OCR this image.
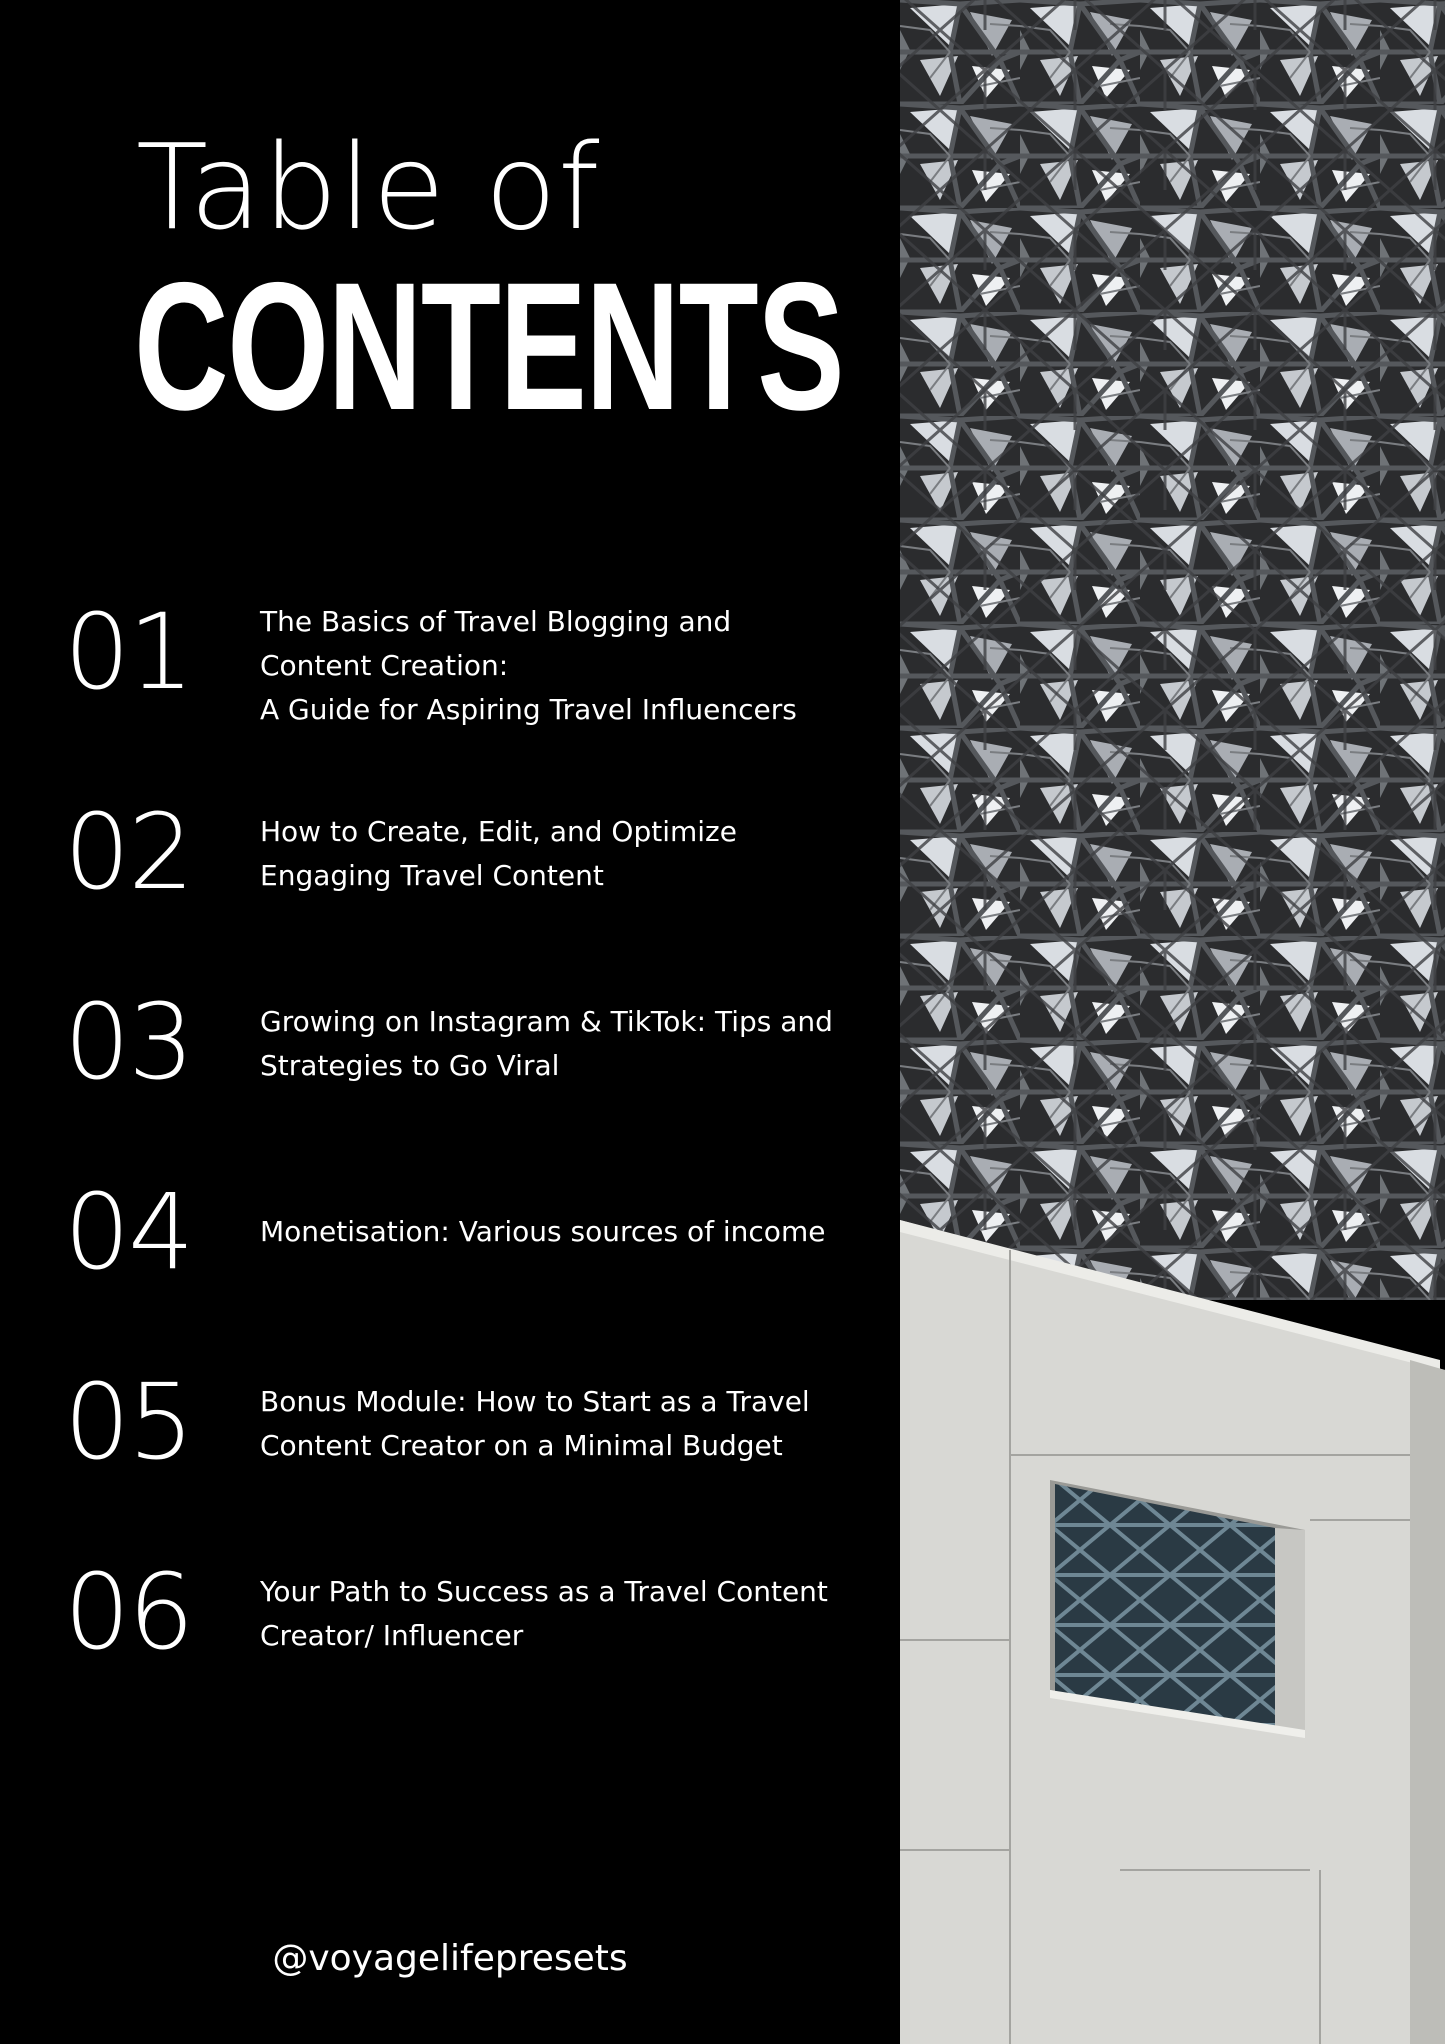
Table of
CONTENTS
01 The Basics of Travel Blogging and
Content Creation:
A Guide for Aspiring Travel Influencers
02 How to Create, Edit, and Optimize
Engaging Travel Content
03 Growing on Instagram & TikTok: Tips and
Strategies to Go Viral
04 Monetisation: Various sources of income
05 Bonus Module: How to Start as a Travel
Content Creator on a Minimal Budget
06 Your Path to Success as a Travel Content
Creator/ Influencer
@voyagelifepresets
